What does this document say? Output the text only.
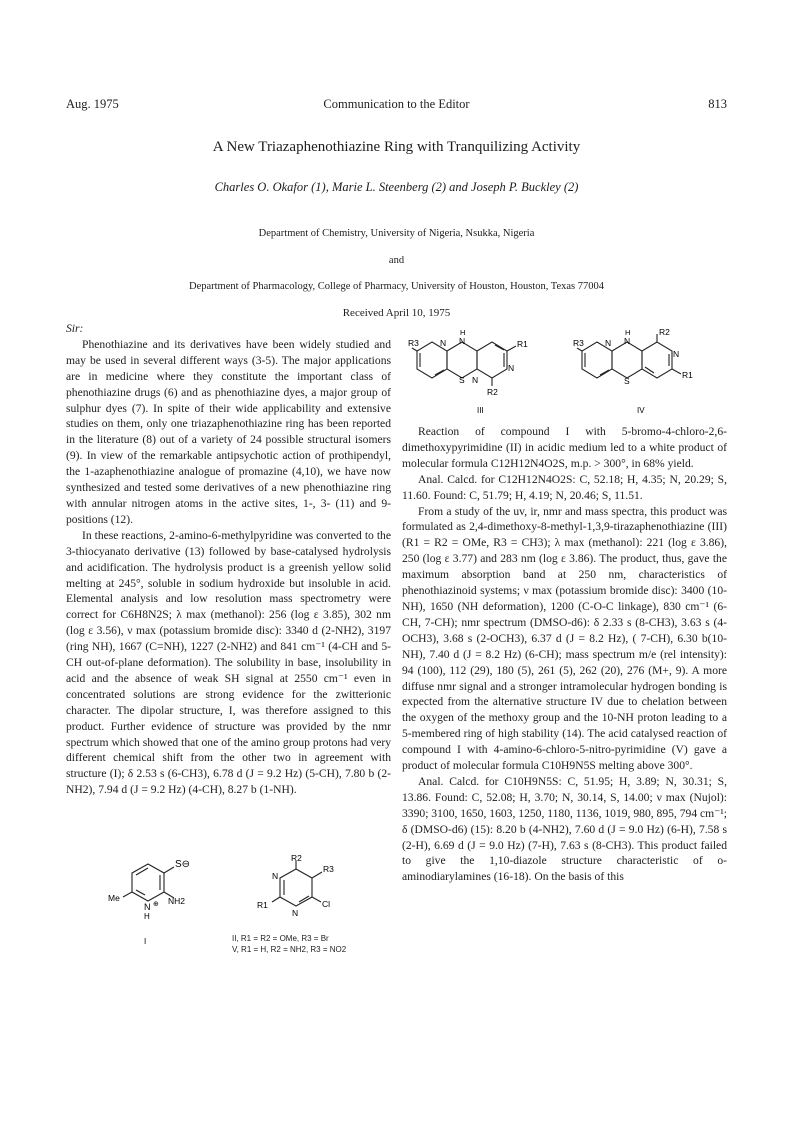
Aug. 1975	Communication to the Editor	813
A New Triazaphenothiazine Ring with Tranquilizing Activity
Charles O. Okafor (1), Marie L. Steenberg (2) and Joseph P. Buckley (2)
Department of Chemistry, University of Nigeria, Nsukka, Nigeria
and
Department of Pharmacology, College of Pharmacy, University of Houston, Houston, Texas 77004
Received April 10, 1975

Sir:

Phenothiazine and its derivatives have been widely studied and may be used in several different ways (3-5). The major applications are in medicine where they constitute the important class of phenothiazine drugs (6) and as phenothiazine dyes, a major group of sulphur dyes (7). In spite of their wide applicability and extensive studies on them, only one triazaphenothiazine ring has been reported in the literature (8) out of a variety of 24 possible structural isomers (9). In view of the remarkable antipsychotic action of prothipendyl, the 1-azaphenothiazine analogue of promazine (4,10), we have now synthesized and tested some derivatives of a new phenothiazine ring with annular nitrogen atoms in the active sites, 1-, 3- (11) and 9-positions (12).

In these reactions, 2-amino-6-methylpyridine was converted to the 3-thiocyanato derivative (13) followed by base-catalysed hydrolysis and acidification. The hydrolysis product is a greenish yellow solid melting at 245°, soluble in sodium hydroxide but insoluble in acid. Elemental analysis and low resolution mass spectrometry were correct for C6H8N2S; λ max (methanol): 256 (log ε 3.85), 302 nm (log ε 3.56), ν max (potassium bromide disc): 3340 d (2-NH2), 3197 (ring NH), 1667 (C=NH), 1227 (2-NH2) and 841 cm⁻¹ (4-CH and 5-CH out-of-plane deformation). The solubility in base, insolubility in acid and the absence of weak SH signal at 2550 cm⁻¹ even in concentrated solutions are strong evidence for the zwitterionic character. The dipolar structure, I, was therefore assigned to this product. Further evidence of structure was provided by the nmr spectrum which showed that one of the amino group protons had very different chemical shift from the other two in agreement with structure (I); δ 2.53 s (6-CH3), 6.78 d (J = 9.2 Hz) (5-CH), 7.80 b (2-NH2), 7.94 d (J = 9.2 Hz) (4-CH), 8.27 b (1-NH).

S⊖
Me
N
NH2
⊕
H
I
R2
R3
N
R1
N
Cl
II, R1 = R2 = OMe, R3 = Br
V, R1 = H, R2 = NH2, R3 = NO2
R3 N
H
N
N
R1
N
S
R2
III
R2
R3 N
H
N
N
S
R1
IV

Reaction of compound I with 5-bromo-4-chloro-2,6-dimethoxypyrimidine (II) in acidic medium led to a white product of molecular formula C12H12N4O2S, m.p. > 300°, in 68% yield.

Anal. Calcd. for C12H12N4O2S: C, 52.18; H, 4.35; N, 20.29; S, 11.60. Found: C, 51.79; H, 4.19; N, 20.46; S, 11.51.

From a study of the uv, ir, nmr and mass spectra, this product was formulated as 2,4-dimethoxy-8-methyl-1,3,9-tirazaphenothiazine (III) (R1 = R2 = OMe, R3 = CH3); λ max (methanol): 221 (log ε 3.86), 250 (log ε 3.77) and 283 nm (log ε 3.86). The product, thus, gave the maximum absorption band at 250 nm, characteristics of phenothiazinoid systems; ν max (potassium bromide disc): 3400 (10-NH), 1650 (NH deformation), 1200 (C-O-C linkage), 830 cm⁻¹ (6-CH, 7-CH); nmr spectrum (DMSO-d6): δ 2.33 s (8-CH3), 3.63 s (4-OCH3), 3.68 s (2-OCH3), 6.37 d (J = 8.2 Hz), ( 7-CH), 6.30 b(10-NH), 7.40 d (J = 8.2 Hz) (6-CH); mass spectrum m/e (rel intensity): 94 (100), 112 (29), 180 (5), 261 (5), 262 (20), 276 (M+, 9). A more diffuse nmr signal and a stronger intramolecular hydrogen bonding is expected from the alternative structure IV due to chelation between the oxygen of the methoxy group and the 10-NH proton leading to a 5-membered ring of high stability (14). The acid catalysed reaction of compound I with 4-amino-6-chloro-5-nitro-pyrimidine (V) gave a product of molecular formula C10H9N5S melting above 300°.

Anal. Calcd. for C10H9N5S: C, 51.95; H, 3.89; N, 30.31; S, 13.86. Found: C, 52.08; H, 3.70; N, 30.14, S, 14.00; ν max (Nujol): 3390; 3100, 1650, 1603, 1250, 1180, 1136, 1019, 980, 895, 794 cm⁻¹; δ (DMSO-d6) (15): 8.20 b (4-NH2), 7.60 d (J = 9.0 Hz) (6-H), 7.58 s (2-H), 6.69 d (J = 9.0 Hz) (7-H), 7.63 s (8-CH3). This product failed to give the 1,10-diazole structure characteristic of o-aminodiarylamines (16-18). On the basis of this
